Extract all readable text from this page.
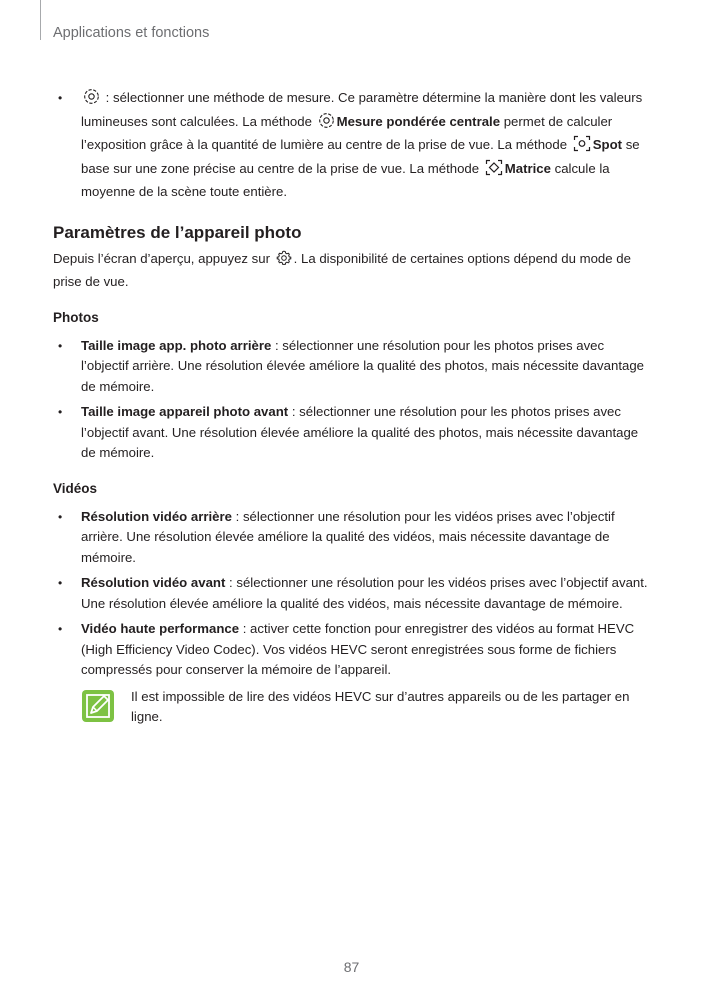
Applications et fonctions
•	: sélectionner une méthode de mesure. Ce paramètre détermine la manière dont les valeurs lumineuses sont calculées. La méthode Mesure pondérée centrale permet de calculer l’exposition grâce à la quantité de lumière au centre de la prise de vue. La méthode Spot se base sur une zone précise au centre de la prise de vue. La méthode Matrice calcule la moyenne de la scène toute entière.
Paramètres de l’appareil photo
Depuis l’écran d’aperçu, appuyez sur . La disponibilité de certaines options dépend du mode de prise de vue.
Photos
• Taille image app. photo arrière : sélectionner une résolution pour les photos prises avec l’objectif arrière. Une résolution élevée améliore la qualité des photos, mais nécessite davantage de mémoire.
• Taille image appareil photo avant : sélectionner une résolution pour les photos prises avec l’objectif avant. Une résolution élevée améliore la qualité des photos, mais nécessite davantage de mémoire.
Vidéos
• Résolution vidéo arrière : sélectionner une résolution pour les vidéos prises avec l’objectif arrière. Une résolution élevée améliore la qualité des vidéos, mais nécessite davantage de mémoire.
• Résolution vidéo avant : sélectionner une résolution pour les vidéos prises avec l’objectif avant. Une résolution élevée améliore la qualité des vidéos, mais nécessite davantage de mémoire.
• Vidéo haute performance : activer cette fonction pour enregistrer des vidéos au format HEVC (High Efficiency Video Codec). Vos vidéos HEVC seront enregistrées sous forme de fichiers compressés pour conserver la mémoire de l’appareil.
Il est impossible de lire des vidéos HEVC sur d’autres appareils ou de les partager en ligne.
87
